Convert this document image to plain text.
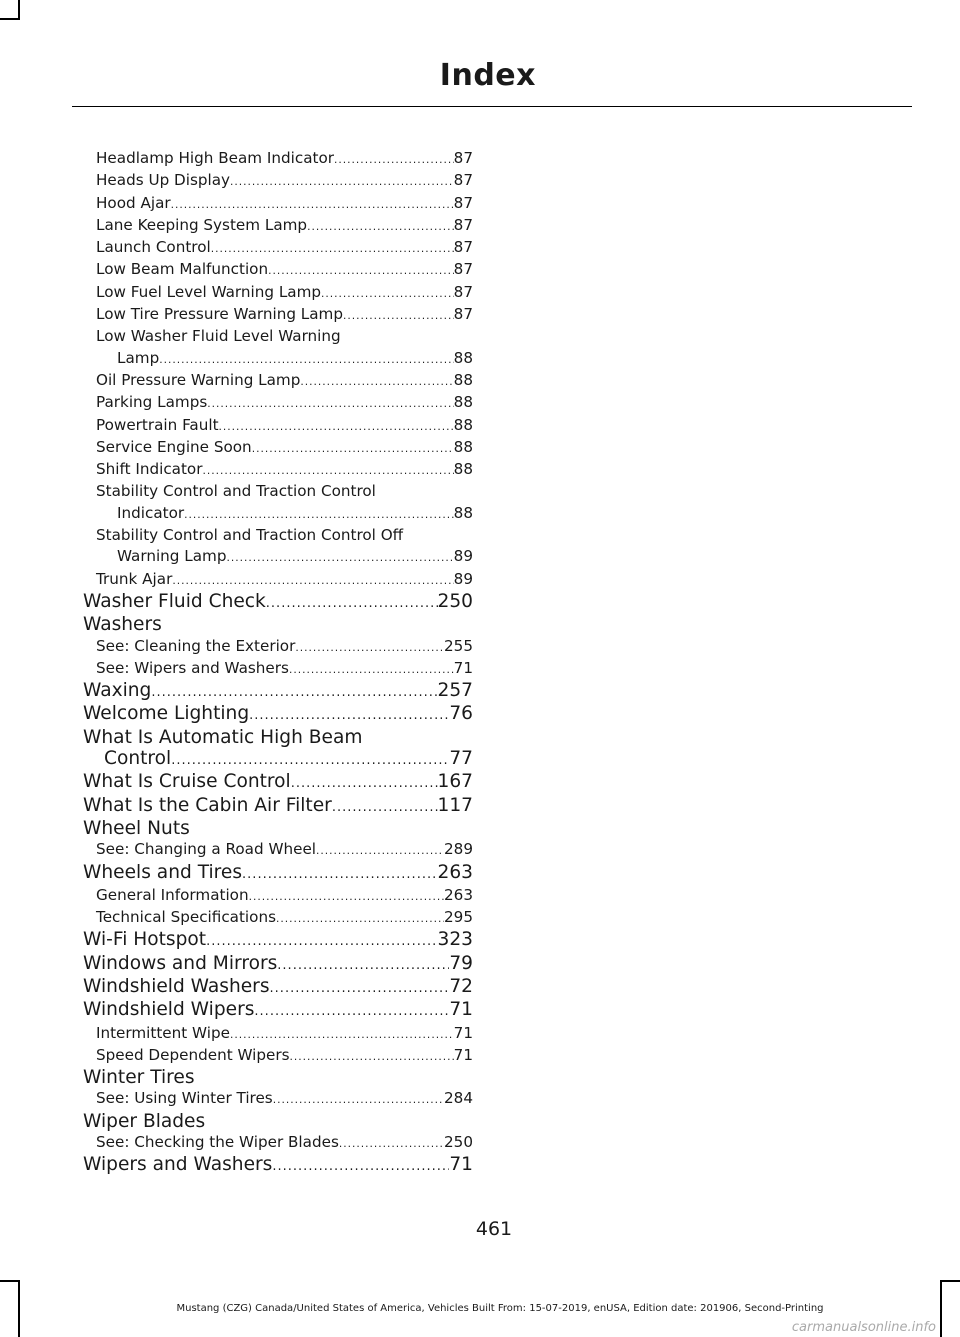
Index
Headlamp High Beam Indicator .....	87
Heads Up Display .....	87
Hood Ajar .....	87
Lane Keeping System Lamp .....	87
Launch Control .....	87
Low Beam Malfunction .....	87
Low Fuel Level Warning Lamp .....	87
Low Tire Pressure Warning Lamp .....	87
Low Washer Fluid Level Warning
Lamp .....	88
Oil Pressure Warning Lamp .....	88
Parking Lamps .....	88
Powertrain Fault .....	88
Service Engine Soon .....	88
Shift Indicator .....	88
Stability Control and Traction Control
Indicator .....	88
Stability Control and Traction Control Off
Warning Lamp .....	89
Trunk Ajar .....	89
Washer Fluid Check .....	250
Washers
See: Cleaning the Exterior .....	255
See: Wipers and Washers .....	71
Waxing .....	257
Welcome Lighting .....	76
What Is Automatic High Beam
Control .....	77
What Is Cruise Control .....	167
What Is the Cabin Air Filter .....	117
Wheel Nuts
See: Changing a Road Wheel .....	289
Wheels and Tires .....	263
General Information .....	263
Technical Specifications .....	295
Wi-Fi Hotspot .....	323
Windows and Mirrors .....	79
Windshield Washers .....	72
Windshield Wipers .....	71
Intermittent Wipe .....	71
Speed Dependent Wipers .....	71
Winter Tires
See: Using Winter Tires .....	284
Wiper Blades
See: Checking the Wiper Blades .....	250
Wipers and Washers .....	71
461
Mustang (CZG) Canada/United States of America, Vehicles Built From: 15-07-2019, enUSA, Edition date: 201906, Second-Printing
carmanualsonline.info
